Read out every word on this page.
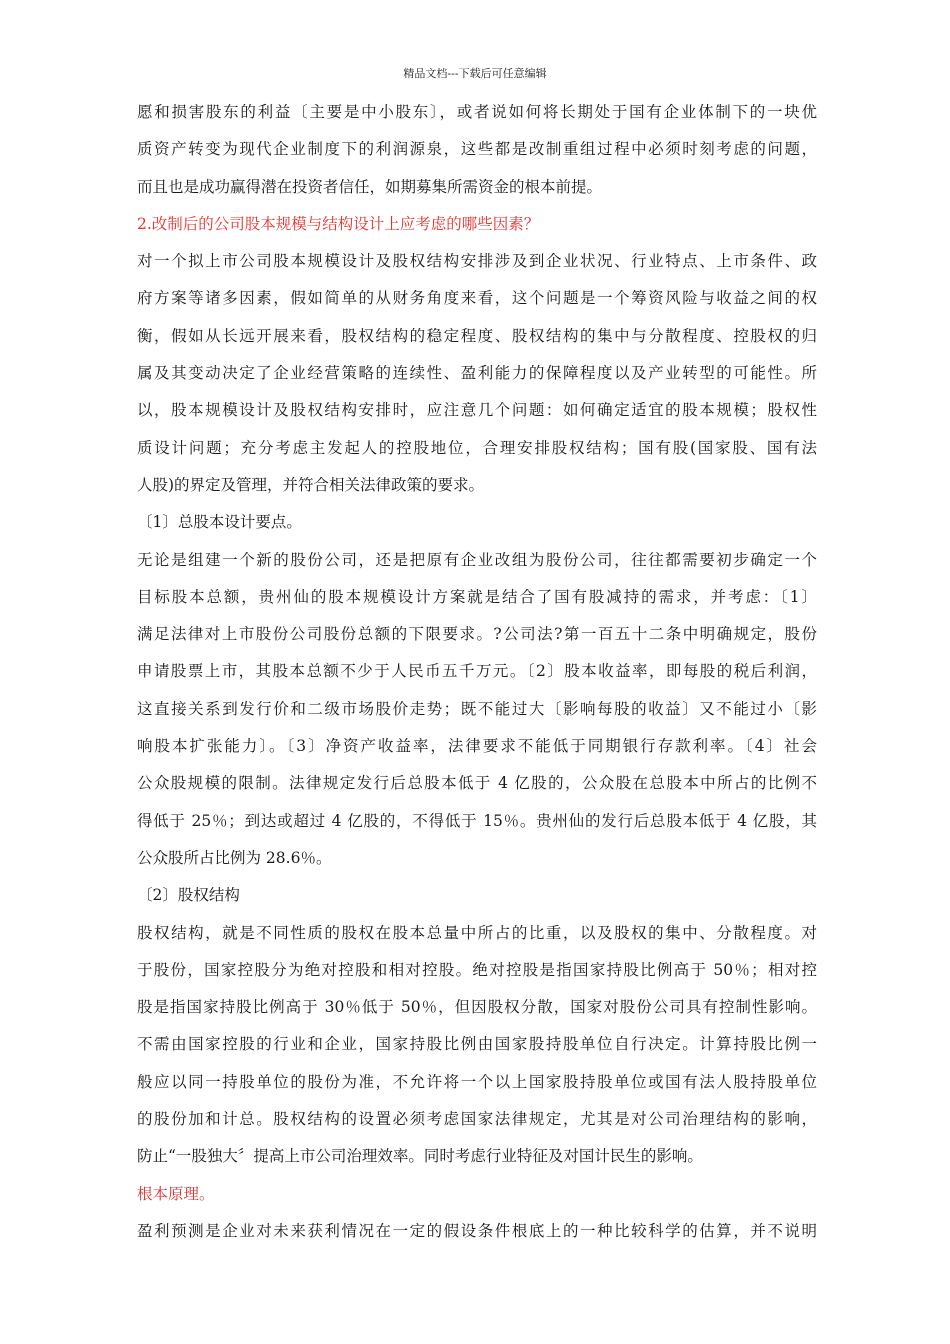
精品文档---下载后可任意编辑
愿和损害股东的利益〔主要是中小股东〕，或者说如何将长期处于国有企业体制下的一块优
质资产转变为现代企业制度下的利润源泉，这些都是改制重组过程中必须时刻考虑的问题，
而且也是成功赢得潜在投资者信任，如期募集所需资金的根本前提。
2.改制后的公司股本规模与结构设计上应考虑的哪些因素？
对一个拟上市公司股本规模设计及股权结构安排涉及到企业状况、行业特点、上市条件、政
府方案等诸多因素，假如简单的从财务角度来看，这个问题是一个筹资风险与收益之间的权
衡，假如从长远开展来看，股权结构的稳定程度、股权结构的集中与分散程度、控股权的归
属及其变动决定了企业经营策略的连续性、盈利能力的保障程度以及产业转型的可能性。所
以，股本规模设计及股权结构安排时，应注意几个问题：如何确定适宜的股本规模；股权性
质设计问题；充分考虑主发起人的控股地位，合理安排股权结构；国有股(国家股、国有法
人股)的界定及管理，并符合相关法律政策的要求。
〔1〕总股本设计要点。
无论是组建一个新的股份公司，还是把原有企业改组为股份公司，往往都需要初步确定一个
目标股本总额，贵州仙的股本规模设计方案就是结合了国有股减持的需求，并考虑：〔1〕
满足法律对上市股份公司股份总额的下限要求。?公司法?第一百五十二条中明确规定，股份
申请股票上市，其股本总额不少于人民币五千万元。〔2〕股本收益率，即每股的税后利润，
这直接关系到发行价和二级市场股价走势；既不能过大〔影响每股的收益〕又不能过小〔影
响股本扩张能力〕。〔3〕净资产收益率，法律要求不能低于同期银行存款利率。〔4〕社会
公众股规模的限制。法律规定发行后总股本低于 4 亿股的，公众股在总股本中所占的比例不
得低于 25％；到达或超过 4 亿股的，不得低于 15％。贵州仙的发行后总股本低于 4 亿股，其
公众股所占比例为 28.6％。
〔2〕股权结构
股权结构，就是不同性质的股权在股本总量中所占的比重，以及股权的集中、分散程度。对
于股份，国家控股分为绝对控股和相对控股。绝对控股是指国家持股比例高于 50％；相对控
股是指国家持股比例高于 30％低于 50％，但因股权分散，国家对股份公司具有控制性影响。
不需由国家控股的行业和企业，国家持股比例由国家股持股单位自行决定。计算持股比例一
般应以同一持股单位的股份为准，不允许将一个以上国家股持股单位或国有法人股持股单位
的股份加和计总。股权结构的设置必须考虑国家法律规定，尤其是对公司治理结构的影响，
防止“一股独大〞提高上市公司治理效率。同时考虑行业特征及对国计民生的影响。
根本原理。
盈利预测是企业对未来获利情况在一定的假设条件根底上的一种比较科学的估算，并不说明
